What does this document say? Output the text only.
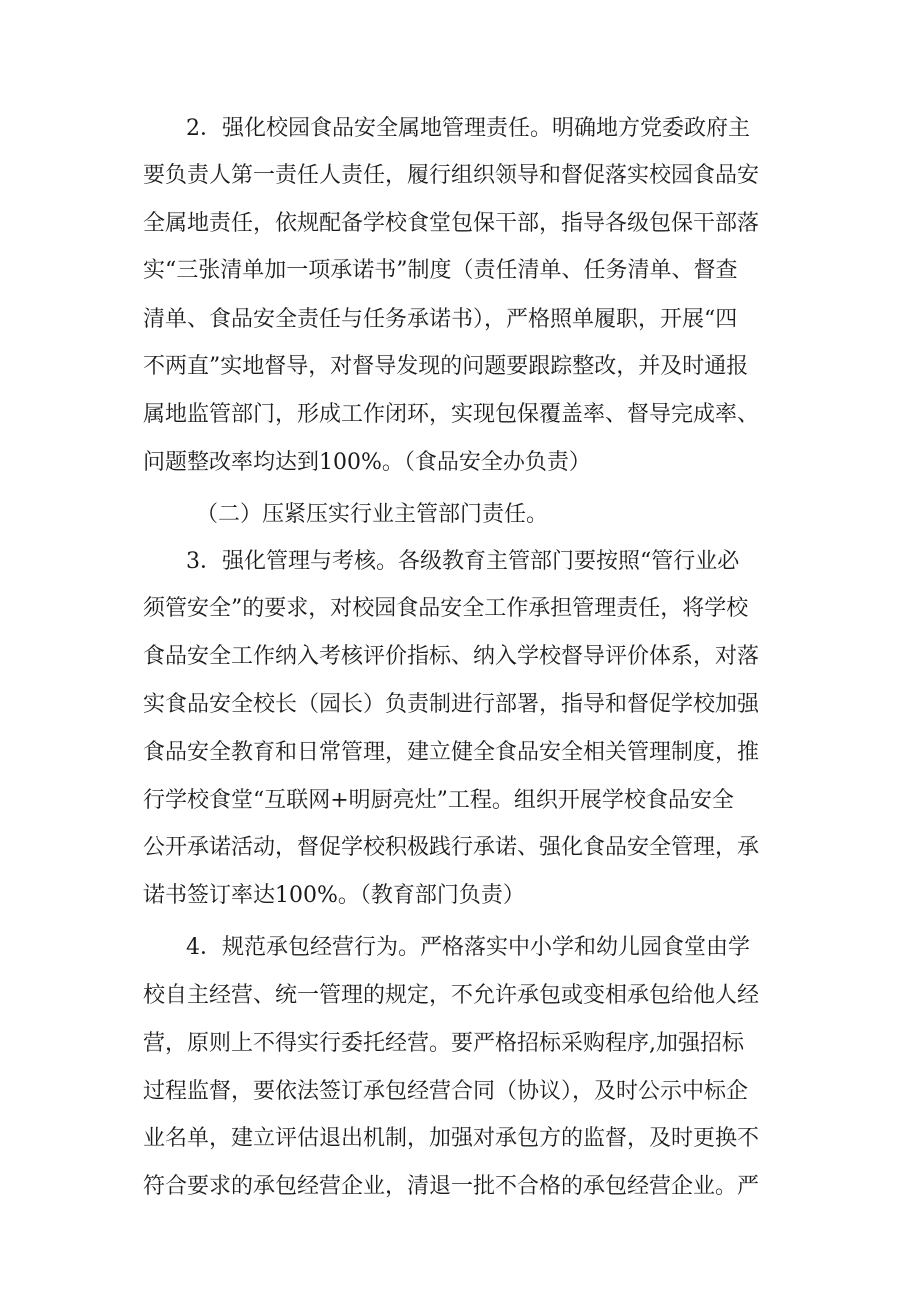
2．强化校园食品安全属地管理责任。明确地方党委政府主
要负责人第一责任人责任，履行组织领导和督促落实校园食品安
全属地责任，依规配备学校食堂包保干部，指导各级包保干部落
实“三张清单加一项承诺书”制度（责任清单、任务清单、督查
清单、食品安全责任与任务承诺书），严格照单履职，开展“四
不两直”实地督导，对督导发现的问题要跟踪整改，并及时通报
属地监管部门，形成工作闭环，实现包保覆盖率、督导完成率、
问题整改率均达到100%。（食品安全办负责）
（二）压紧压实行业主管部门责任。
3．强化管理与考核。各级教育主管部门要按照“管行业必
须管安全”的要求，对校园食品安全工作承担管理责任，将学校
食品安全工作纳入考核评价指标、纳入学校督导评价体系，对落
实食品安全校长（园长）负责制进行部署，指导和督促学校加强
食品安全教育和日常管理，建立健全食品安全相关管理制度，推
行学校食堂“互联网+明厨亮灶”工程。组织开展学校食品安全
公开承诺活动，督促学校积极践行承诺、强化食品安全管理，承
诺书签订率达100%。（教育部门负责）
4．规范承包经营行为。严格落实中小学和幼儿园食堂由学
校自主经营、统一管理的规定，不允许承包或变相承包给他人经
营，原则上不得实行委托经营。要严格招标采购程序,加强招标
过程监督，要依法签订承包经营合同（协议），及时公示中标企
业名单，建立评估退出机制，加强对承包方的监督，及时更换不
符合要求的承包经营企业，清退一批不合格的承包经营企业。严
